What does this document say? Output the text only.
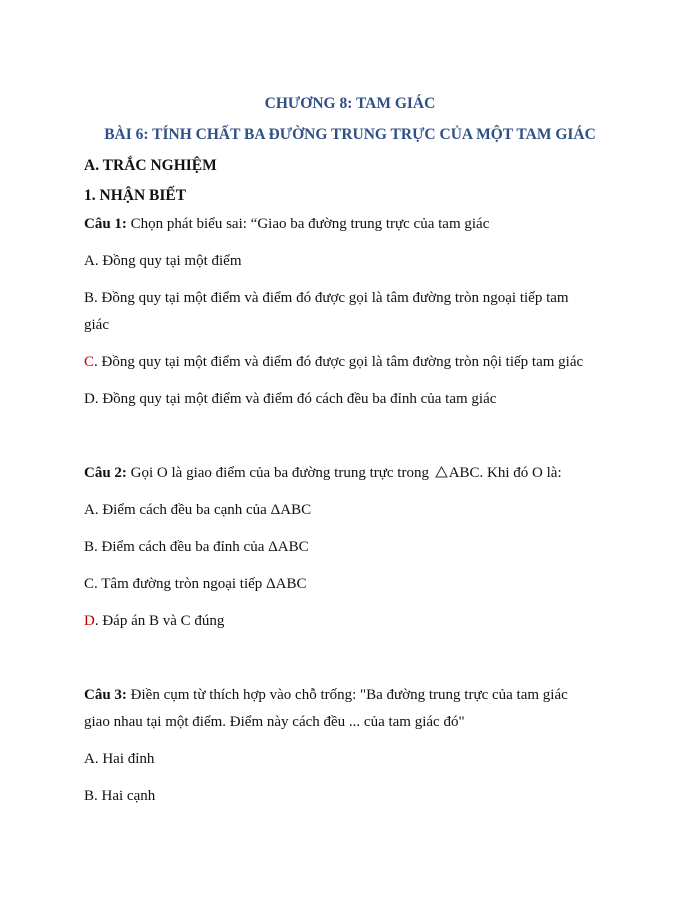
CHƯƠNG 8: TAM GIÁC
BÀI 6: TÍNH CHẤT BA ĐƯỜNG TRUNG TRỰC CỦA MỘT TAM GIÁC
A. TRẮC NGHIỆM
1. NHẬN BIẾT
Câu 1: Chọn phát biểu sai: “Giao ba đường trung trực của tam giác
A. Đồng quy tại một điểm
B. Đồng quy tại một điểm và điểm đó được gọi là tâm đường tròn ngoại tiếp tam
giác
C. Đồng quy tại một điểm và điểm đó được gọi là tâm đường tròn nội tiếp tam giác
D. Đồng quy tại một điểm và điểm đó cách đều ba đỉnh của tam giác
Câu 2: Gọi O là giao điểm của ba đường trung trực trong ABC. Khi đó O là:
A. Điểm cách đều ba cạnh của ΔABC
B. Điểm cách đều ba đỉnh của ΔABC
C. Tâm đường tròn ngoại tiếp ΔABC
D. Đáp án B và C đúng
Câu 3: Điền cụm từ thích hợp vào chỗ trống: "Ba đường trung trực của tam giác
giao nhau tại một điểm. Điểm này cách đều ... của tam giác đó"
A. Hai đỉnh
B. Hai cạnh
